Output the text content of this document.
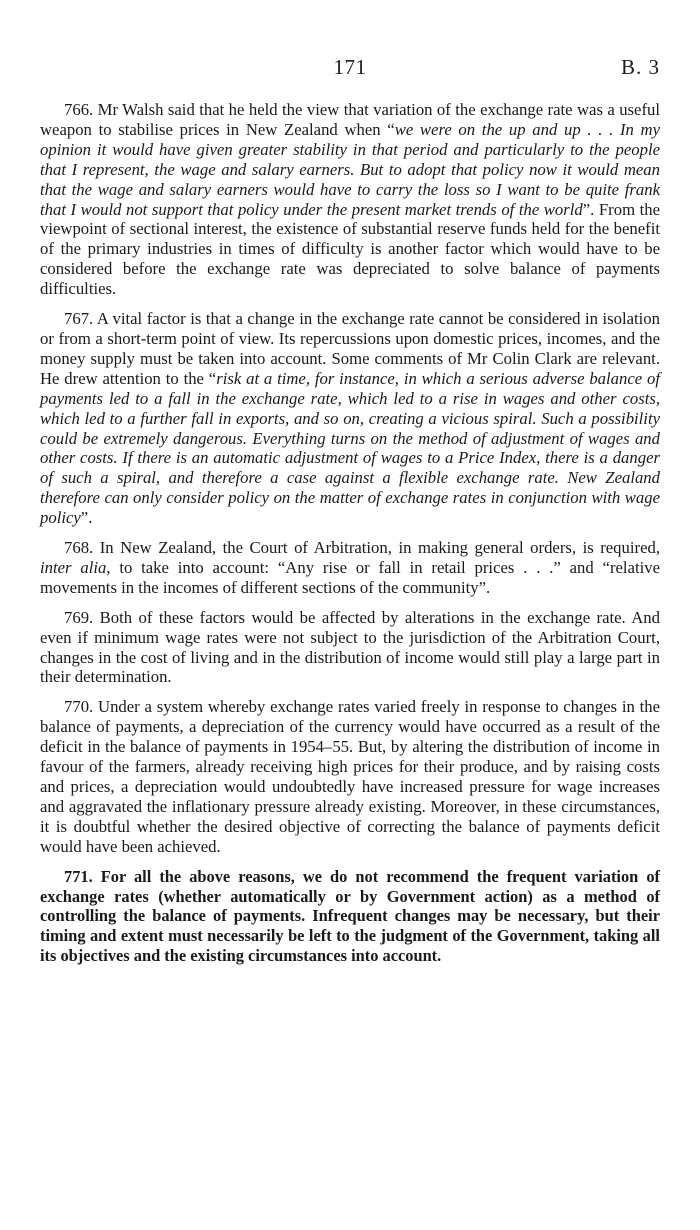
171	B. 3

766. Mr Walsh said that he held the view that variation of the exchange rate was a useful weapon to stabilise prices in New Zealand when “we were on the up and up . . . In my opinion it would have given greater stability in that period and particularly to the people that I represent, the wage and salary earners. But to adopt that policy now it would mean that the wage and salary earners would have to carry the loss so I want to be quite frank that I would not support that policy under the present market trends of the world”. From the viewpoint of sectional interest, the existence of substantial reserve funds held for the benefit of the primary industries in times of difficulty is another factor which would have to be considered before the exchange rate was depreciated to solve balance of payments difficulties.

767. A vital factor is that a change in the exchange rate cannot be considered in isolation or from a short-term point of view. Its repercussions upon domestic prices, incomes, and the money supply must be taken into account. Some comments of Mr Colin Clark are relevant. He drew attention to the “risk at a time, for instance, in which a serious adverse balance of payments led to a fall in the exchange rate, which led to a rise in wages and other costs, which led to a further fall in exports, and so on, creating a vicious spiral. Such a possibility could be extremely dangerous. Everything turns on the method of adjustment of wages and other costs. If there is an automatic adjustment of wages to a Price Index, there is a danger of such a spiral, and therefore a case against a flexible exchange rate. New Zealand therefore can only consider policy on the matter of exchange rates in conjunction with wage policy”.

768. In New Zealand, the Court of Arbitration, in making general orders, is required, inter alia, to take into account: “Any rise or fall in retail prices . . .” and “relative movements in the incomes of different sections of the community”.

769. Both of these factors would be affected by alterations in the exchange rate. And even if minimum wage rates were not subject to the jurisdiction of the Arbitration Court, changes in the cost of living and in the distribution of income would still play a large part in their determination.

770. Under a system whereby exchange rates varied freely in response to changes in the balance of payments, a depreciation of the currency would have occurred as a result of the deficit in the balance of payments in 1954–55. But, by altering the distribution of income in favour of the farmers, already receiving high prices for their produce, and by raising costs and prices, a depreciation would undoubtedly have increased pressure for wage increases and aggravated the inflationary pressure already existing. Moreover, in these circumstances, it is doubtful whether the desired objective of correcting the balance of payments deficit would have been achieved.

771. For all the above reasons, we do not recommend the frequent variation of exchange rates (whether automatically or by Government action) as a method of controlling the balance of payments. Infrequent changes may be necessary, but their timing and extent must necessarily be left to the judgment of the Government, taking all its objectives and the existing circumstances into account.
